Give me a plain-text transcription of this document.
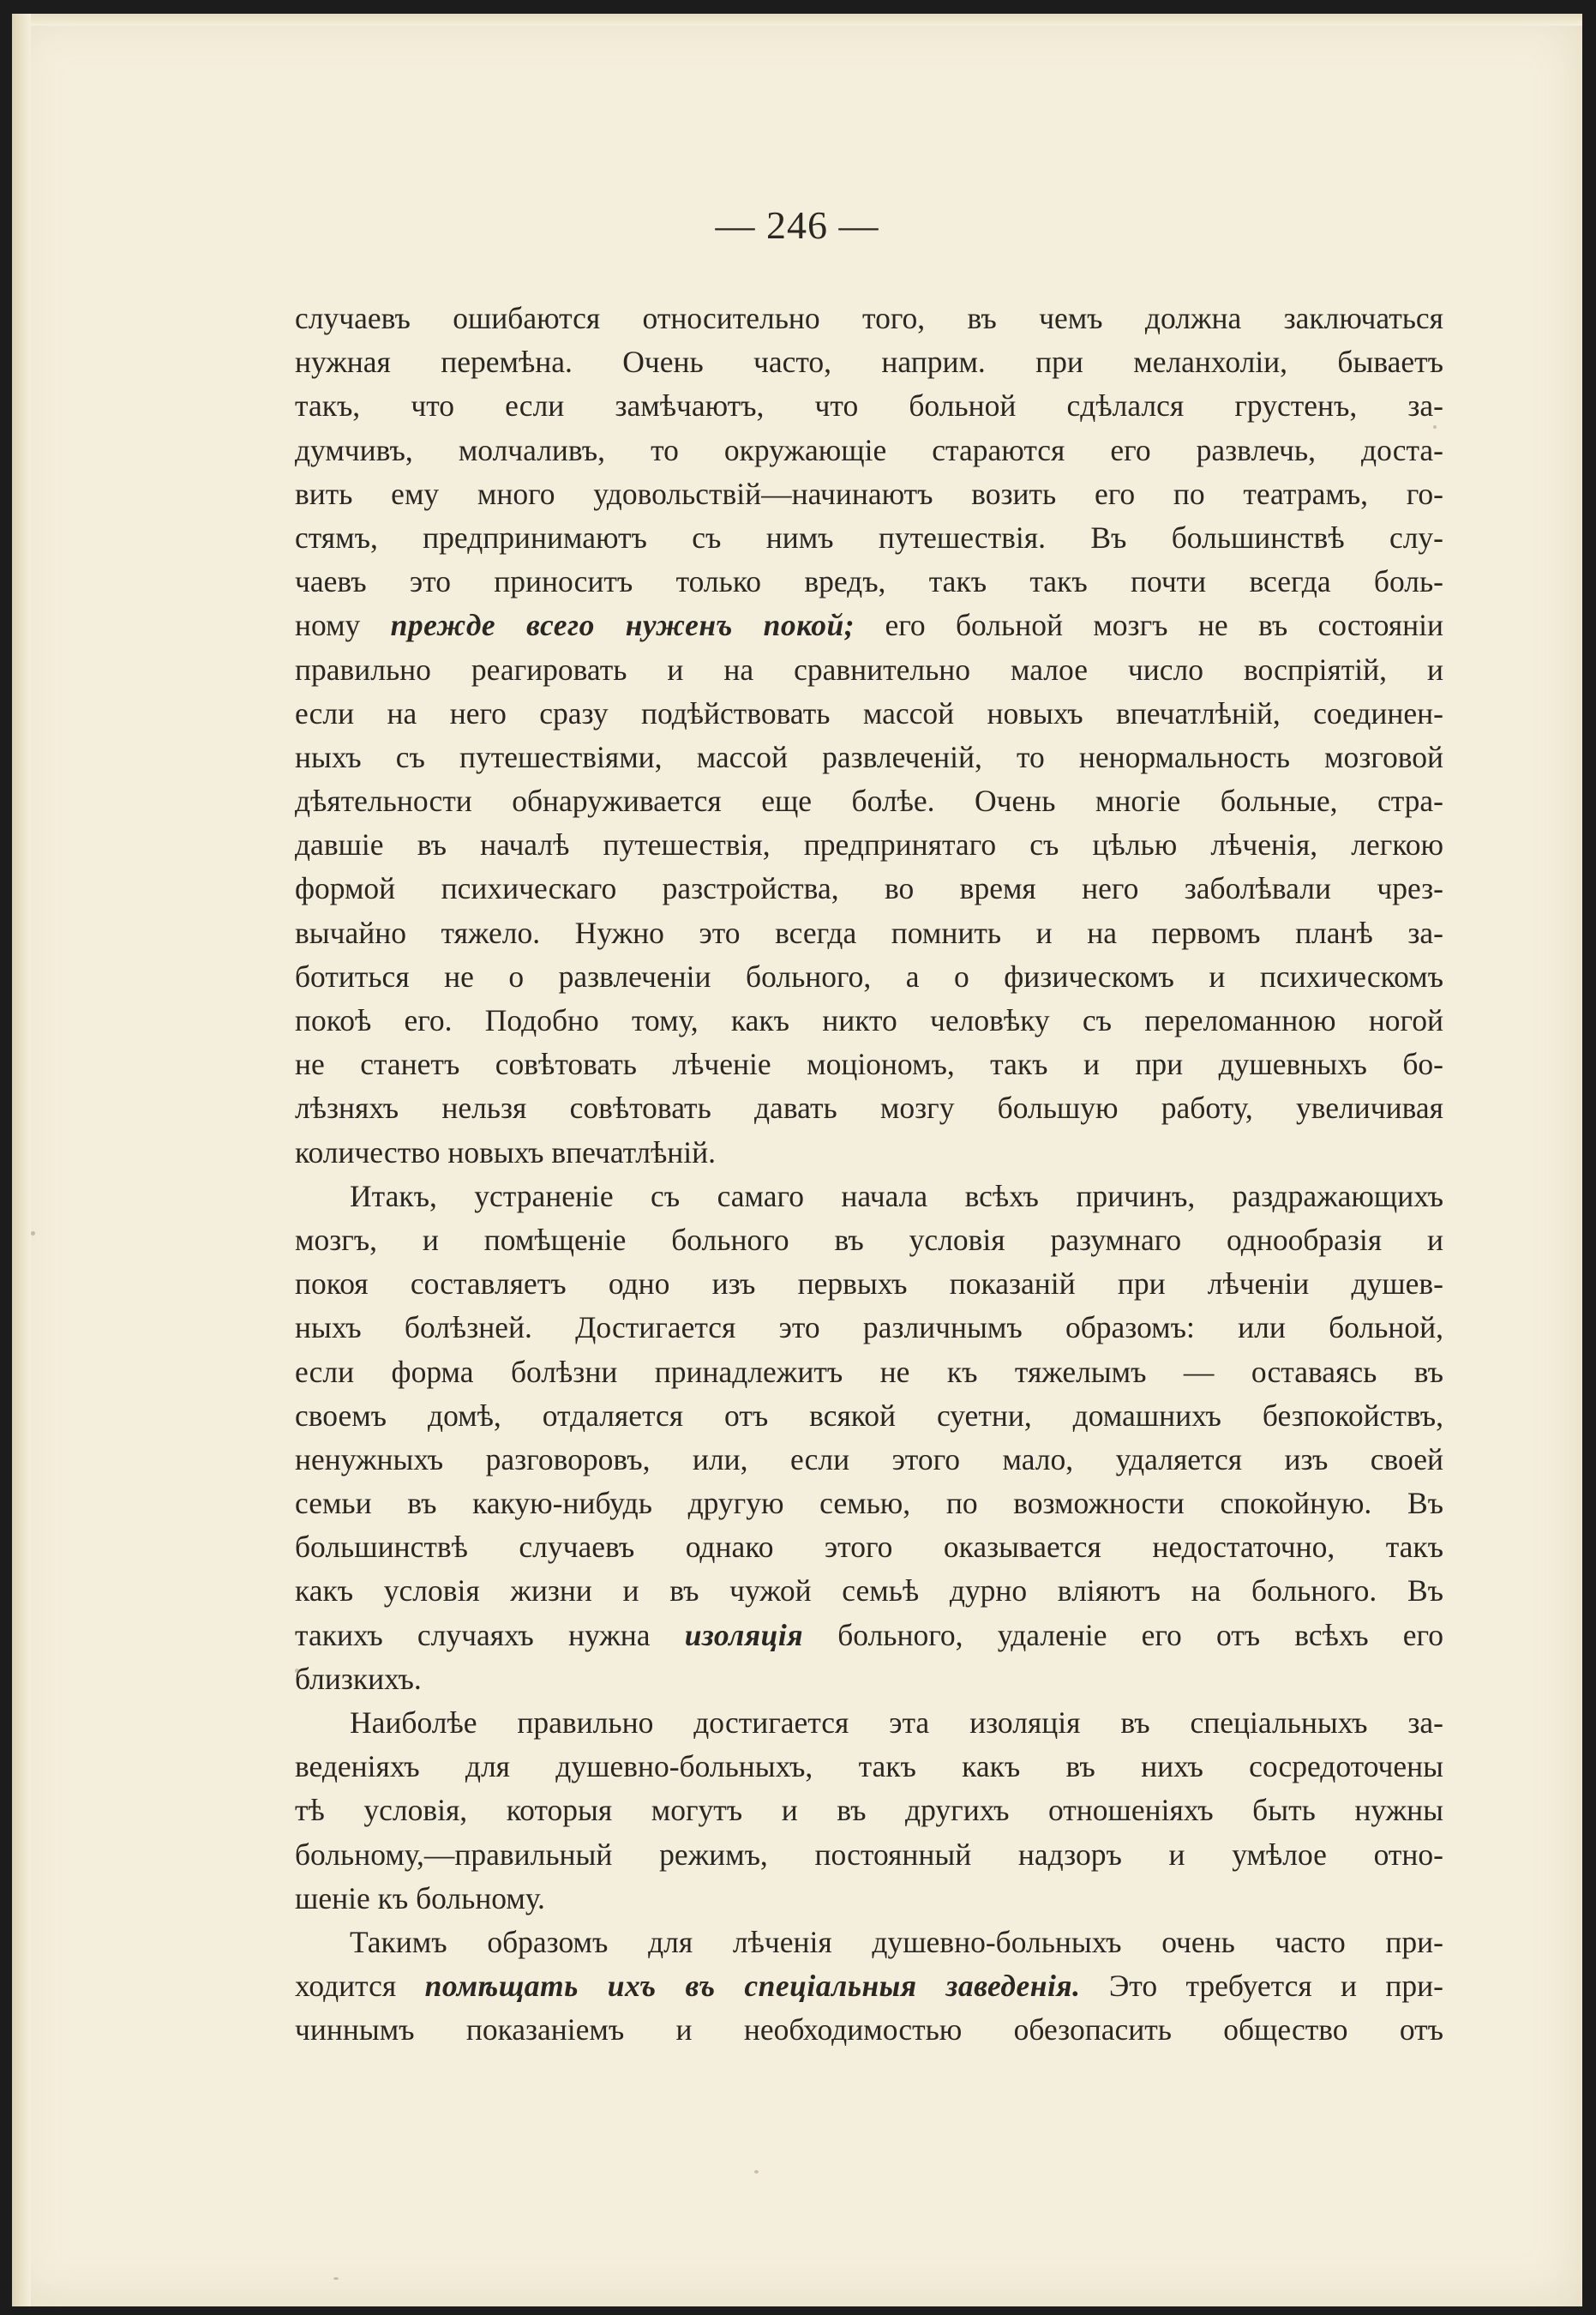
— 246 —
случаевъ ошибаются относительно того, въ чемъ должна заключаться
нужная перемѣна. Очень часто, наприм. при меланхоліи, бываетъ
такъ, что если замѣчаютъ, что больной сдѣлался грустенъ, за-
думчивъ, молчаливъ, то окружающіе стараются его развлечь, доста-
вить ему много удовольствій—начинаютъ возить его по театрамъ, го-
стямъ, предпринимаютъ съ нимъ путешествія. Въ большинствѣ слу-
чаевъ это приноситъ только вредъ, такъ такъ почти всегда боль-
ному прежде всего нуженъ покой; его больной мозгъ не въ состояніи
правильно реагировать и на сравнительно малое число воспріятій, и
если на него сразу подѣйствовать массой новыхъ впечатлѣній, соединен-
ныхъ съ путешествіями, массой развлеченій, то ненормальность мозговой
дѣятельности обнаруживается еще болѣе. Очень многіе больные, стра-
давшіе въ началѣ путешествія, предпринятаго съ цѣлью лѣченія, легкою
формой психическаго разстройства, во время него заболѣвали чрез-
вычайно тяжело. Нужно это всегда помнить и на первомъ планѣ за-
ботиться не о развлеченіи больного, а о физическомъ и психическомъ
покоѣ его. Подобно тому, какъ никто человѣку съ переломанною ногой
не станетъ совѣтовать лѣченіе моціономъ, такъ и при душевныхъ бо-
лѣзняхъ нельзя совѣтовать давать мозгу большую работу, увеличивая
количество новыхъ впечатлѣній.
Итакъ, устраненіе съ самаго начала всѣхъ причинъ, раздражающихъ
мозгъ, и помѣщеніе больного въ условія разумнаго однообразія и
покоя составляетъ одно изъ первыхъ показаній при лѣченіи душев-
ныхъ болѣзней. Достигается это различнымъ образомъ: или больной,
если форма болѣзни принадлежитъ не къ тяжелымъ — оставаясь въ
своемъ домѣ, отдаляется отъ всякой суетни, домашнихъ безпокойствъ,
ненужныхъ разговоровъ, или, если этого мало, удаляется изъ своей
семьи въ какую-нибудь другую семью, по возможности спокойную. Въ
большинствѣ случаевъ однако этого оказывается недостаточно, такъ
какъ условія жизни и въ чужой семьѣ дурно вліяютъ на больного. Въ
такихъ случаяхъ нужна изоляція больного, удаленіе его отъ всѣхъ его
близкихъ.
Наиболѣе правильно достигается эта изоляція въ спеціальныхъ за-
веденіяхъ для душевно-больныхъ, такъ какъ въ нихъ сосредоточены
тѣ условія, которыя могутъ и въ другихъ отношеніяхъ быть нужны
больному,—правильный режимъ, постоянный надзоръ и умѣлое отно-
шеніе къ больному.
Такимъ образомъ для лѣченія душевно-больныхъ очень часто при-
ходится помѣщать ихъ въ спеціальныя заведенія. Это требуется и при-
чиннымъ показаніемъ и необходимостью обезопасить общество отъ
